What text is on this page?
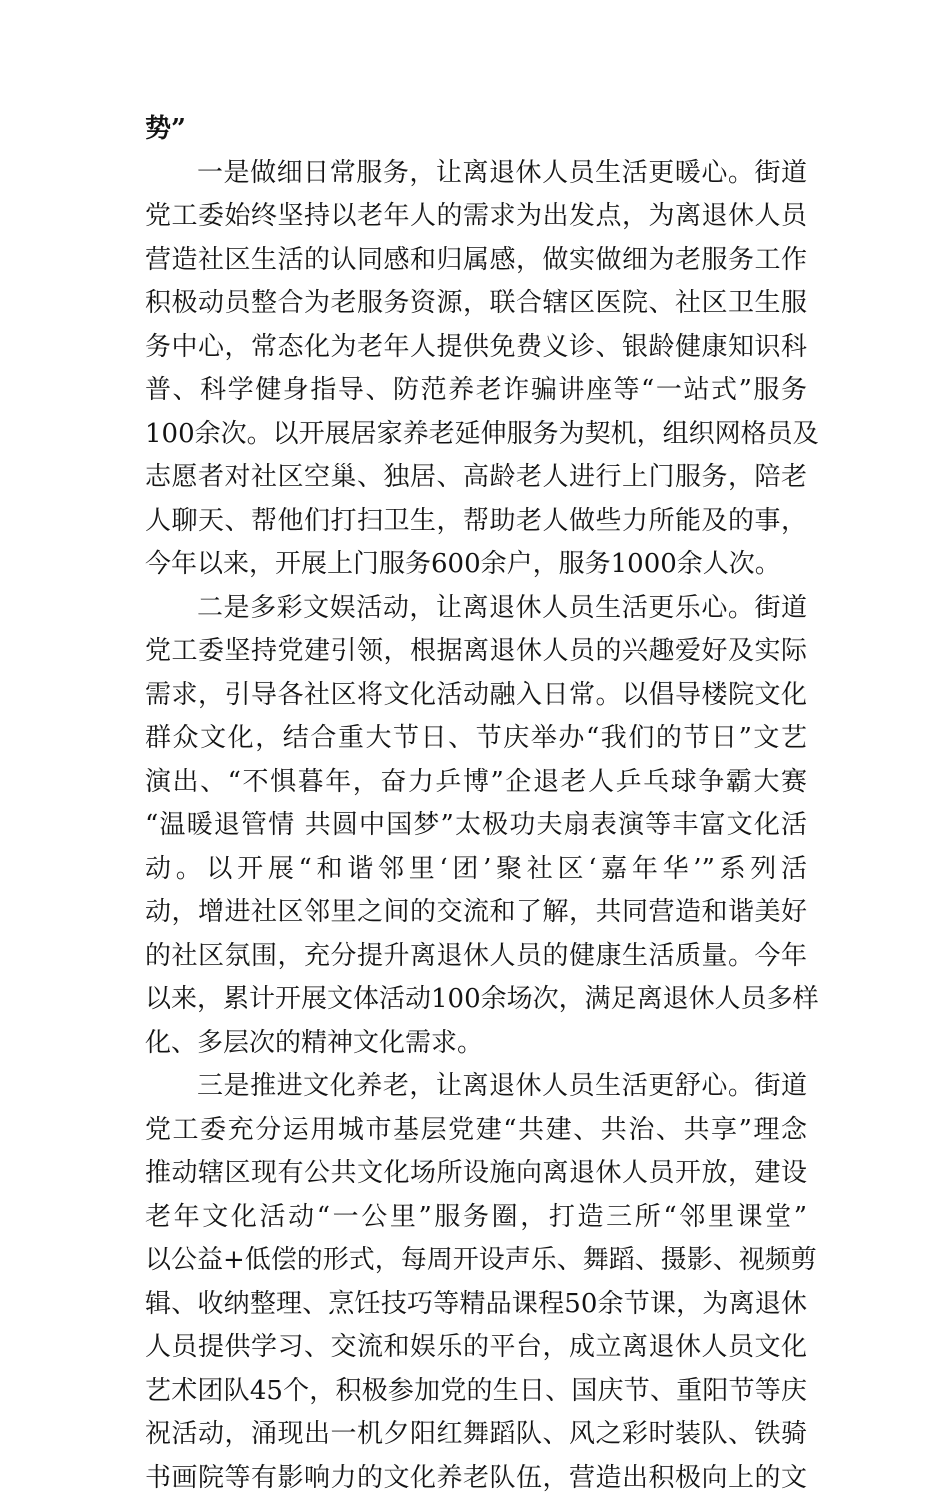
势”
一是做细日常服务，让离退休人员生活更暖心。街道
党工委始终坚持以老年人的需求为出发点，为离退休人员
营造社区生活的认同感和归属感，做实做细为老服务工作
积极动员整合为老服务资源，联合辖区医院、社区卫生服
务中心，常态化为老年人提供免费义诊、银龄健康知识科
普、科学健身指导、防范养老诈骗讲座等“一站式”服务
100余次。以开展居家养老延伸服务为契机，组织网格员及
志愿者对社区空巢、独居、高龄老人进行上门服务，陪老
人聊天、帮他们打扫卫生，帮助老人做些力所能及的事，
今年以来，开展上门服务600余户，服务1000余人次。
二是多彩文娱活动，让离退休人员生活更乐心。街道
党工委坚持党建引领，根据离退休人员的兴趣爱好及实际
需求，引导各社区将文化活动融入日常。以倡导楼院文化
群众文化，结合重大节日、节庆举办“我们的节日”文艺
演出、“不惧暮年，奋力乒博”企退老人乒乓球争霸大赛
“温暖退管情 共圆中国梦”太极功夫扇表演等丰富文化活
动。以开展“和谐邻里‘团’聚社区‘嘉年华’”系列活
动，增进社区邻里之间的交流和了解，共同营造和谐美好
的社区氛围，充分提升离退休人员的健康生活质量。今年
以来，累计开展文体活动100余场次，满足离退休人员多样
化、多层次的精神文化需求。
三是推进文化养老，让离退休人员生活更舒心。街道
党工委充分运用城市基层党建“共建、共治、共享”理念
推动辖区现有公共文化场所设施向离退休人员开放，建设
老年文化活动“一公里”服务圈，打造三所“邻里课堂”
以公益+低偿的形式，每周开设声乐、舞蹈、摄影、视频剪
辑、收纳整理、烹饪技巧等精品课程50余节课，为离退休
人员提供学习、交流和娱乐的平台，成立离退休人员文化
艺术团队45个，积极参加党的生日、国庆节、重阳节等庆
祝活动，涌现出一机夕阳红舞蹈队、风之彩时装队、铁骑
书画院等有影响力的文化养老队伍，营造出积极向上的文
